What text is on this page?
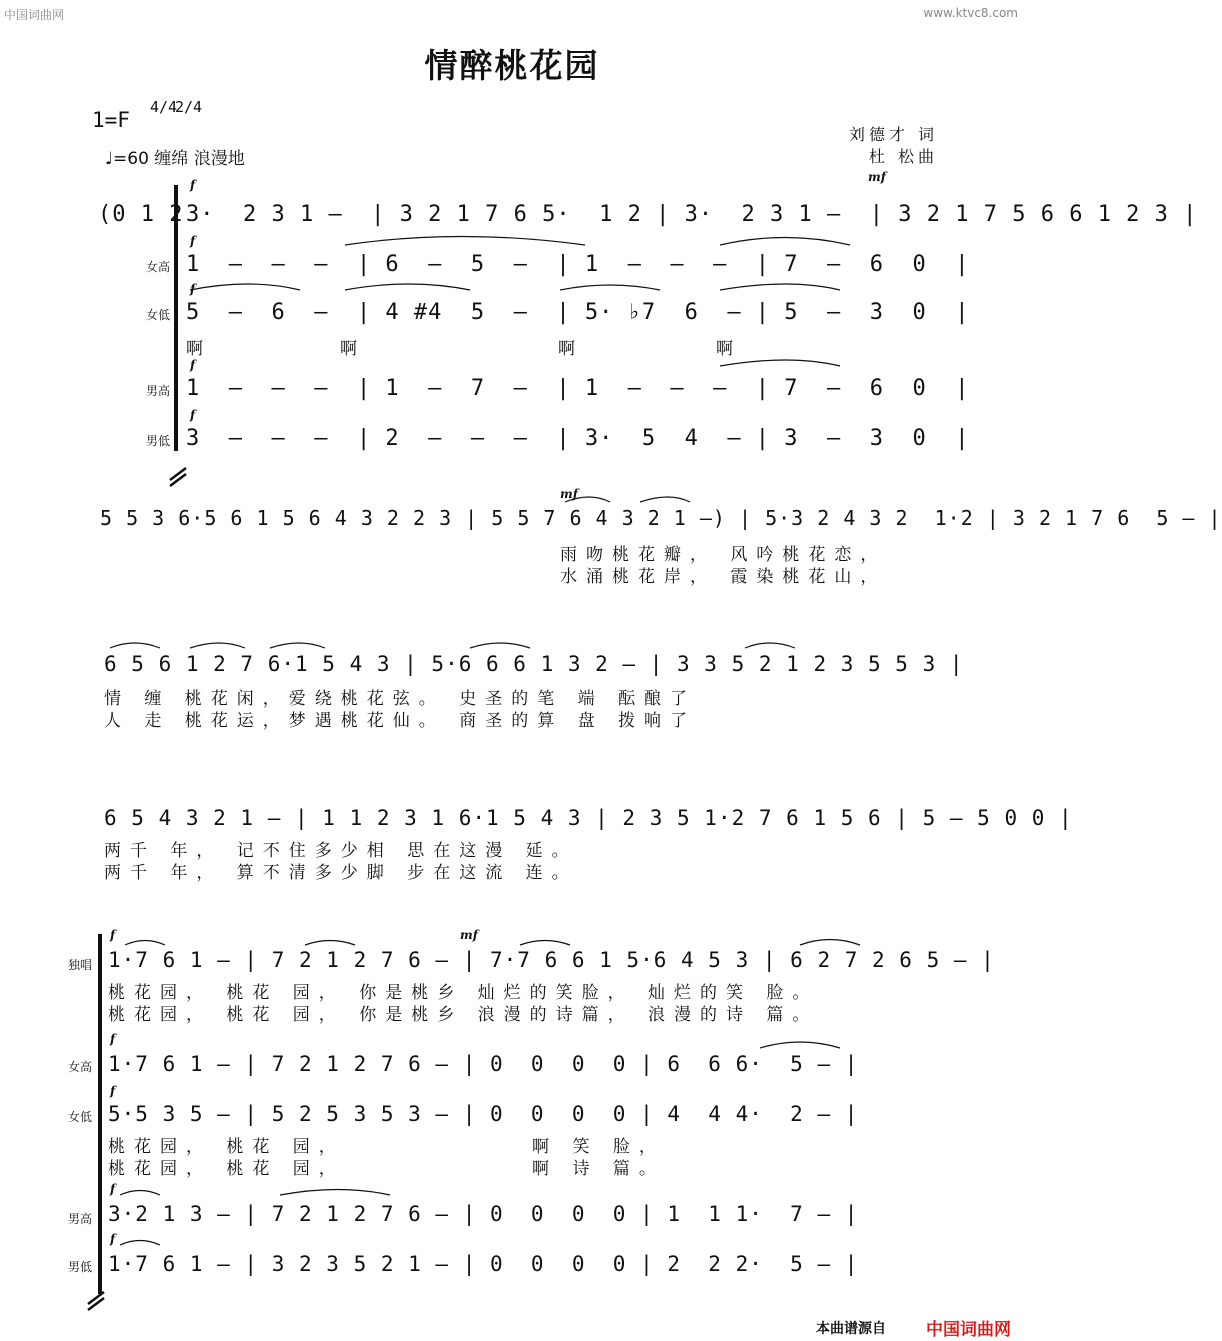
中国词曲网	www.ktvc8.com
情醉桃花园
1=F
4/4
2/4
♩=60 缠绵 浪漫地
刘德才 词
杜 松曲
(0 1 2
f
mf
3·  2 3 1 –  | 3 2 1 7 6 5·  1 2 | 3·  2 3 1 –  | 3 2 1 7 5 6 6 1 2 3 |
女高
f
1  –  –  –  | 6  –  5  –  | 1  –  –  –  | 7  –  6  0  |
女低
f
5  –  6  –  | 4 #4  5  –  | 5· ♭7  6  – | 5  –  3  0  |
啊	啊	啊	啊
男高
f
1  –  –  –  | 1  –  7  –  | 1  –  –  –  | 7  –  6  0  |
男低
f
3  –  –  –  | 2  –  –  –  | 3·  5  4  – | 3  –  3  0  |
mf
5 5 3 6·5 6 1 5 6 4 3 2 2 3 | 5 5 7 6 4 3 2 1 –) | 5·3 2 4 3 2  1·2 | 3 2 1 7 6  5 – |
雨吻桃花瓣， 风吟桃花恋，
水涌桃花岸， 霞染桃花山，
6 5 6 1 2 7 6·1 5 4 3 | 5·6 6 6 1 3 2 – | 3 3 5 2 1 2 3 5 5 3 |
情 缠 桃花闲，爱绕桃花弦。 史圣的笔 端 酝酿了
人 走 桃花运，梦遇桃花仙。 商圣的算 盘 拨响了
6 5 4 3 2 1 – | 1 1 2 3 1 6·1 5 4 3 | 2 3 5 1·2 7 6 1 5 6 | 5 – 5 0 0 |
两千 年， 记不住多少相 思在这漫 延。
两千 年， 算不清多少脚 步在这流 连。
独唱
f	mf
1·7 6 1 – | 7 2 1 2 7 6 – | 7·7 6 6 1 5·6 4 5 3 | 6 2 7 2 6 5 – |
桃花园， 桃花 园， 你是桃乡 灿烂的笑脸， 灿烂的笑 脸。
桃花园， 桃花 园， 你是桃乡 浪漫的诗篇， 浪漫的诗 篇。
女高
f
1·7 6 1 – | 7 2 1 2 7 6 – | 0  0  0  0 | 6  6 6·  5 – |
女低
f
5·5 3 5 – | 5 2 5 3 5 3 – | 0  0  0  0 | 4  4 4·  2 – |
桃花园， 桃花 园，             啊 笑 脸，
桃花园， 桃花 园，             啊 诗 篇。
男高
f
3·2 1 3 – | 7 2 1 2 7 6 – | 0  0  0  0 | 1  1 1·  7 – |
男低
f
1·7 6 1 – | 3 2 3 5 2 1 – | 0  0  0  0 | 2  2 2·  5 – |
本曲谱源自 中国词曲网
